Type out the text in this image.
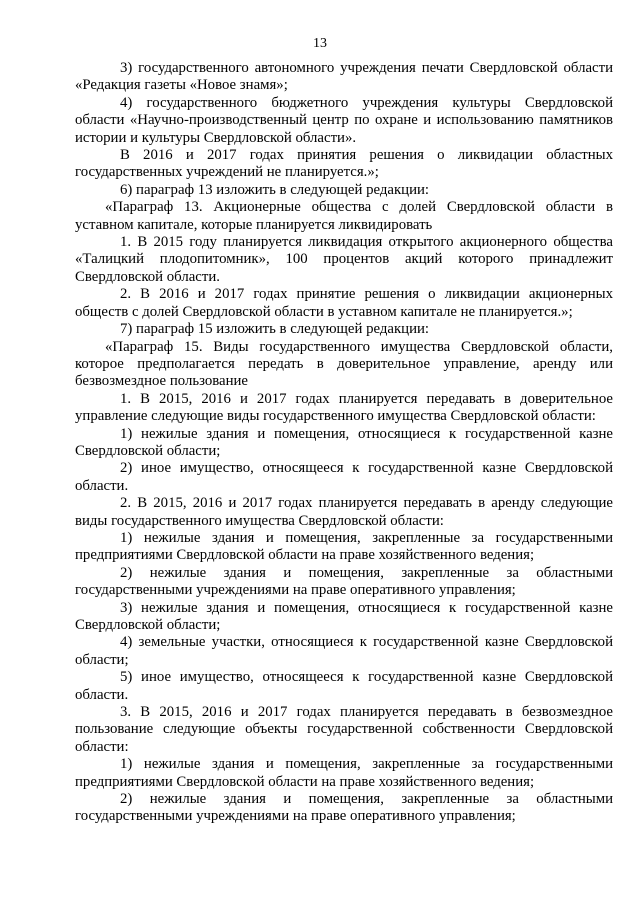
13

3) государственного автономного учреждения печати Свердловской области «Редакция газеты «Новое знамя»;

4) государственного бюджетного учреждения культуры Свердловской области «Научно-производственный центр по охране и использованию памятников истории и культуры Свердловской области».

В 2016 и 2017 годах принятия решения о ликвидации областных государственных учреждений не планируется.»;

6) параграф 13 изложить в следующей редакции:

«Параграф 13. Акционерные общества с долей Свердловской области в уставном капитале, которые планируется ликвидировать

1. В 2015 году планируется ликвидация открытого акционерного общества «Талицкий плодопитомник», 100 процентов акций которого принадлежит Свердловской области.

2. В 2016 и 2017 годах принятие решения о ликвидации акционерных обществ с долей Свердловской области в уставном капитале не планируется.»;

7) параграф 15 изложить в следующей редакции:

«Параграф 15. Виды государственного имущества Свердловской области, которое предполагается передать в доверительное управление, аренду или безвозмездное пользование

1. В 2015, 2016 и 2017 годах планируется передавать в доверительное управление следующие виды государственного имущества Свердловской области:

1) нежилые здания и помещения, относящиеся к государственной казне Свердловской области;

2) иное имущество, относящееся к государственной казне Свердловской области.

2. В 2015, 2016 и 2017 годах планируется передавать в аренду следующие виды государственного имущества Свердловской области:

1) нежилые здания и помещения, закрепленные за государственными предприятиями Свердловской области на праве хозяйственного ведения;

2) нежилые здания и помещения, закрепленные за областными государственными учреждениями на праве оперативного управления;

3) нежилые здания и помещения, относящиеся к государственной казне Свердловской области;

4) земельные участки, относящиеся к государственной казне Свердловской области;

5) иное имущество, относящееся к государственной казне Свердловской области.

3. В 2015, 2016 и 2017 годах планируется передавать в безвозмездное пользование следующие объекты государственной собственности Свердловской области:

1) нежилые здания и помещения, закрепленные за государственными предприятиями Свердловской области на праве хозяйственного ведения;

2) нежилые здания и помещения, закрепленные за областными государственными учреждениями на праве оперативного управления;
